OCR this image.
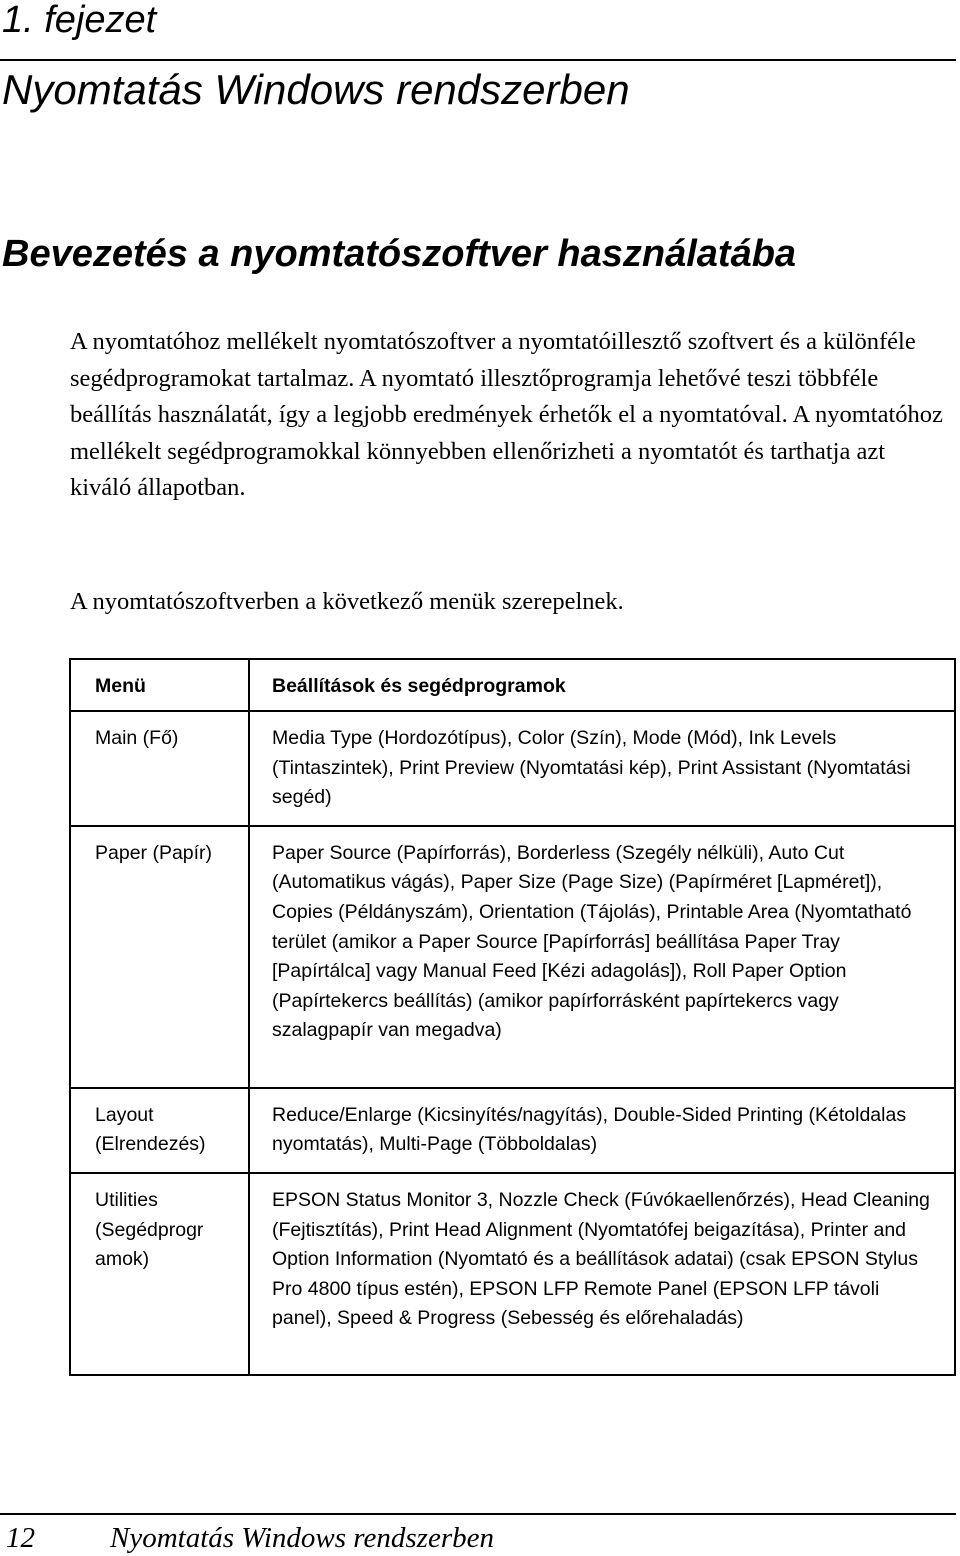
1. fejezet
Nyomtatás Windows rendszerben
Bevezetés a nyomtatószoftver használatába

A nyomtatóhoz mellékelt nyomtatószoftver a nyomtatóillesztő szoftvert és a különféle segédprogramokat tartalmaz. A nyomtató illesztőprogramja lehetővé teszi többféle beállítás használatát, így a legjobb eredmények érhetők el a nyomtatóval. A nyomtatóhoz mellékelt segédprogramokkal könnyebben ellenőrizheti a nyomtatót és tarthatja azt kiváló állapotban.

A nyomtatószoftverben a következő menük szerepelnek.

Menü	Beállítások és segédprogramok
Main (Fő)	Media Type (Hordozótípus), Color (Szín), Mode (Mód), Ink Levels (Tintaszintek), Print Preview (Nyomtatási kép), Print Assistant (Nyomtatási segéd)
Paper (Papír)	Paper Source (Papírforrás), Borderless (Szegély nélküli), Auto Cut (Automatikus vágás), Paper Size (Page Size) (Papírméret [Lapméret]), Copies (Példányszám), Orientation (Tájolás), Printable Area (Nyomtatható terület (amikor a Paper Source [Papírforrás] beállítása Paper Tray [Papírtálca] vagy Manual Feed [Kézi adagolás]), Roll Paper Option (Papírtekercs beállítás) (amikor papírforrásként papírtekercs vagy szalagpapír van megadva)
Layout (Elrendezés)	Reduce/Enlarge (Kicsinyítés/nagyítás), Double-Sided Printing (Kétoldalas nyomtatás), Multi-Page (Többoldalas)
Utilities (Segédprogr amok)	EPSON Status Monitor 3, Nozzle Check (Fúvókaellenőrzés), Head Cleaning (Fejtisztítás), Print Head Alignment (Nyomtatófej beigazítása), Printer and Option Information (Nyomtató és a beállítások adatai) (csak EPSON Stylus Pro 4800 típus estén), EPSON LFP Remote Panel (EPSON LFP távoli panel), Speed & Progress (Sebesség és előrehaladás)
12	Nyomtatás Windows rendszerben
